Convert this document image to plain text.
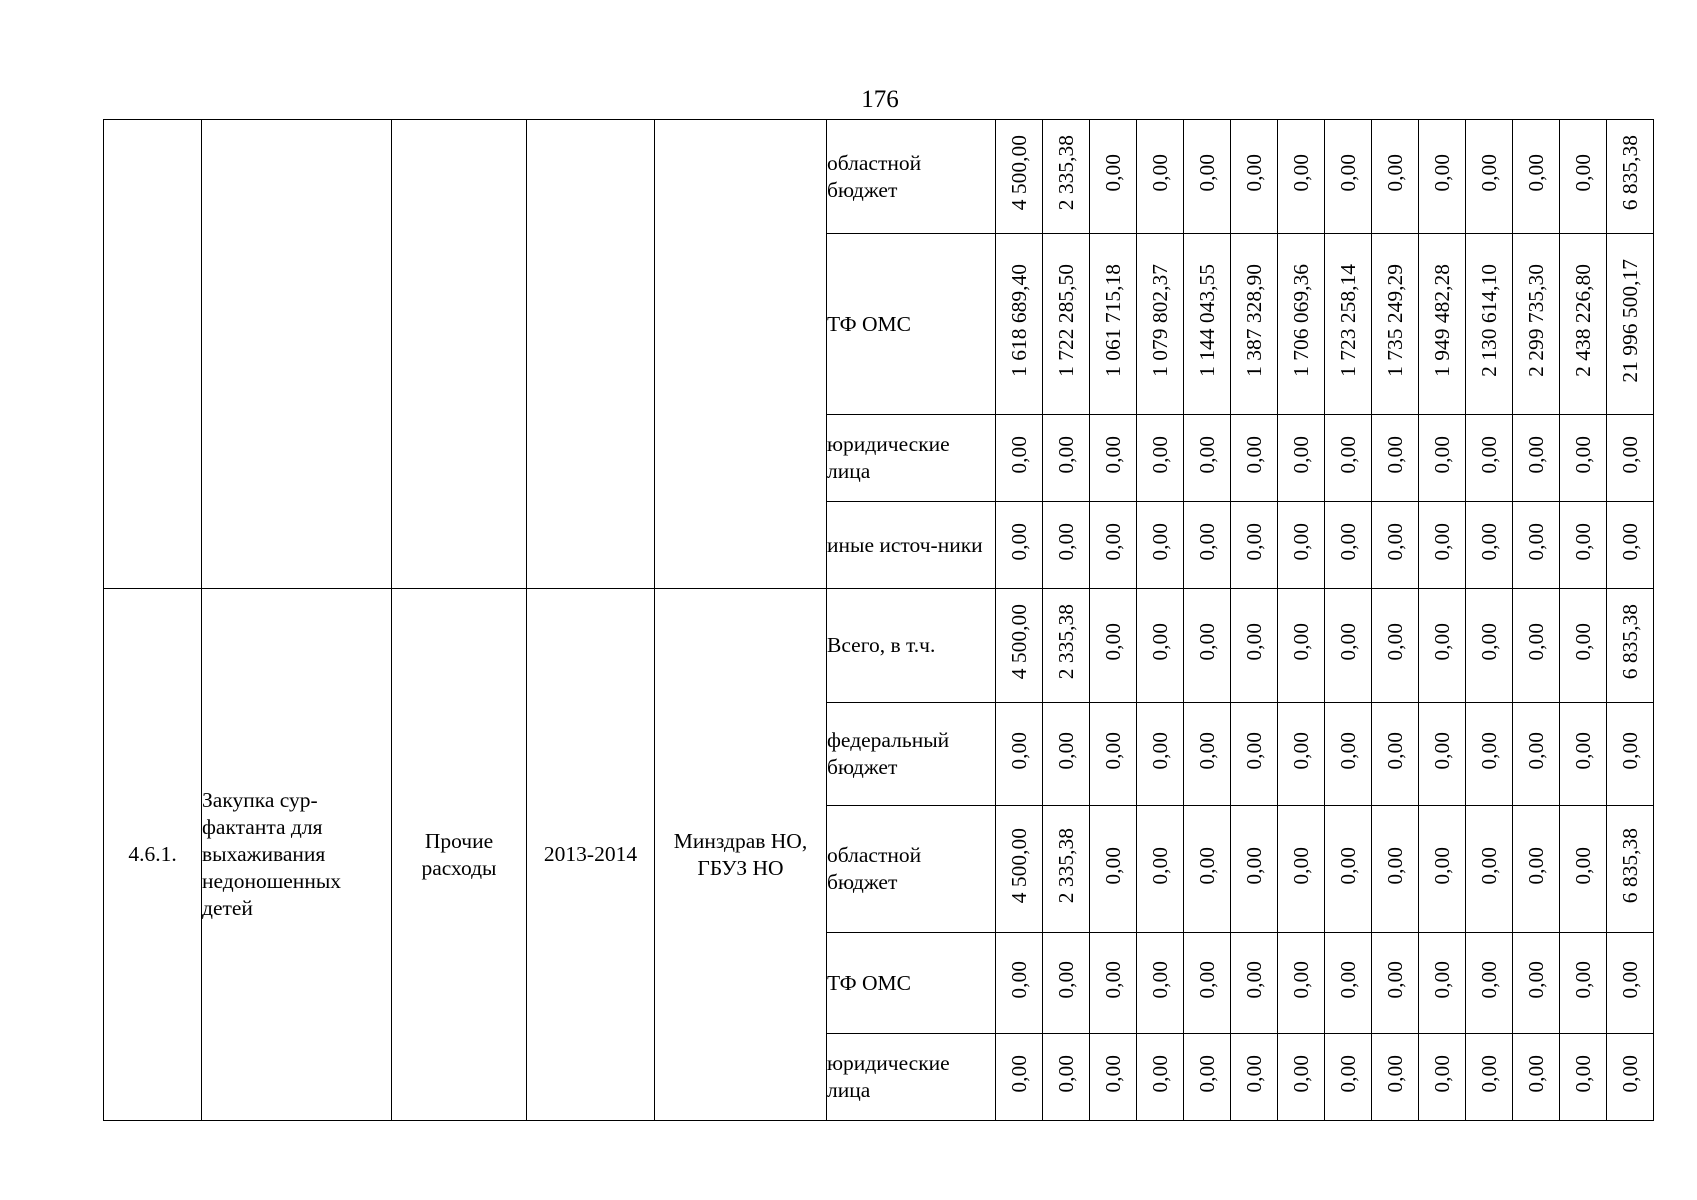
176
					областной бюджет	4 500,00	2 335,38	0,00	0,00	0,00	0,00	0,00	0,00	0,00	0,00	0,00	0,00	0,00	6 835,38
					ТФ ОМС	1 618 689,40	1 722 285,50	1 061 715,18	1 079 802,37	1 144 043,55	1 387 328,90	1 706 069,36	1 723 258,14	1 735 249,29	1 949 482,28	2 130 614,10	2 299 735,30	2 438 226,80	21 996 500,17
					юридические лица	0,00	0,00	0,00	0,00	0,00	0,00	0,00	0,00	0,00	0,00	0,00	0,00	0,00	0,00
					иные источ-ники	0,00	0,00	0,00	0,00	0,00	0,00	0,00	0,00	0,00	0,00	0,00	0,00	0,00	0,00
4.6.1.	Закупка сур-фактанта для выхаживания недоношенных детей	Прочие расходы	2013-2014	Минздрав НО, ГБУЗ НО	Всего, в т.ч.	4 500,00	2 335,38	0,00	0,00	0,00	0,00	0,00	0,00	0,00	0,00	0,00	0,00	0,00	6 835,38
					федеральный бюджет	0,00	0,00	0,00	0,00	0,00	0,00	0,00	0,00	0,00	0,00	0,00	0,00	0,00	0,00
					областной бюджет	4 500,00	2 335,38	0,00	0,00	0,00	0,00	0,00	0,00	0,00	0,00	0,00	0,00	0,00	6 835,38
					ТФ ОМС	0,00	0,00	0,00	0,00	0,00	0,00	0,00	0,00	0,00	0,00	0,00	0,00	0,00	0,00
					юридические лица	0,00	0,00	0,00	0,00	0,00	0,00	0,00	0,00	0,00	0,00	0,00	0,00	0,00	0,00
